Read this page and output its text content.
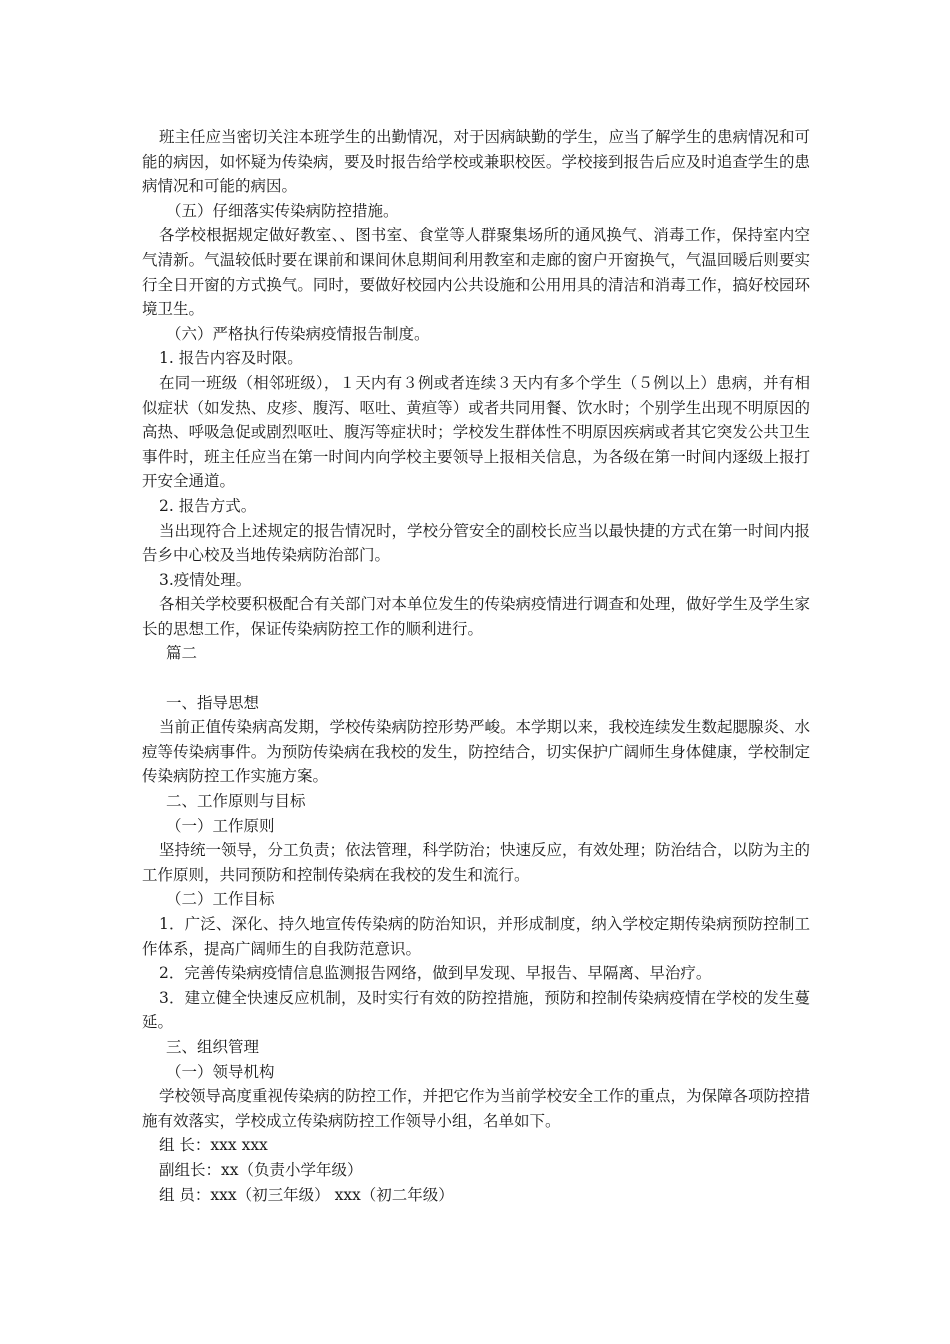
班主任应当密切关注本班学生的出勤情况，对于因病缺勤的学生，应当了解学生的患病情况和可能的病因，如怀疑为传染病，要及时报告给学校或兼职校医。学校接到报告后应及时追查学生的患病情况和可能的病因。

（五）仔细落实传染病防控措施。

各学校根据规定做好教室、、图书室、食堂等人群聚集场所的通风换气、消毒工作，保持室内空气清新。气温较低时要在课前和课间休息期间利用教室和走廊的窗户开窗换气，气温回暖后则要实行全日开窗的方式换气。同时，要做好校园内公共设施和公用用具的清洁和消毒工作，搞好校园环境卫生。

（六）严格执行传染病疫情报告制度。

1. 报告内容及时限。

在同一班级（相邻班级），１天内有３例或者连续３天内有多个学生（５例以上）患病，并有相似症状（如发热、皮疹、腹泻、呕吐、黄疸等）或者共同用餐、饮水时；个别学生出现不明原因的高热、呼吸急促或剧烈呕吐、腹泻等症状时；学校发生群体性不明原因疾病或者其它突发公共卫生事件时，班主任应当在第一时间内向学校主要领导上报相关信息，为各级在第一时间内逐级上报打开安全通道。

2. 报告方式。

当出现符合上述规定的报告情况时，学校分管安全的副校长应当以最快捷的方式在第一时间内报告乡中心校及当地传染病防治部门。

3.疫情处理。

各相关学校要积极配合有关部门对本单位发生的传染病疫情进行调查和处理，做好学生及学生家长的思想工作，保证传染病防控工作的顺利进行。

篇二

一、指导思想

当前正值传染病高发期，学校传染病防控形势严峻。本学期以来，我校连续发生数起腮腺炎、水痘等传染病事件。为预防传染病在我校的发生，防控结合，切实保护广阔师生身体健康，学校制定传染病防控工作实施方案。

二、工作原则与目标

（一）工作原则

坚持统一领导，分工负责；依法管理，科学防治；快速反应，有效处理；防治结合，以防为主的工作原则，共同预防和控制传染病在我校的发生和流行。

（二）工作目标

1．广泛、深化、持久地宣传传染病的防治知识，并形成制度，纳入学校定期传染病预防控制工作体系，提高广阔师生的自我防范意识。

2．完善传染病疫情信息监测报告网络，做到早发现、早报告、早隔离、早治疗。

3．建立健全快速反应机制，及时实行有效的防控措施，预防和控制传染病疫情在学校的发生蔓延。

三、组织管理

（一）领导机构

学校领导高度重视传染病的防控工作，并把它作为当前学校安全工作的重点，为保障各项防控措施有效落实，学校成立传染病防控工作领导小组，名单如下。

组 长：xxx xxx

副组长：xx（负责小学年级）

组 员：xxx（初三年级） xxx（初二年级）
